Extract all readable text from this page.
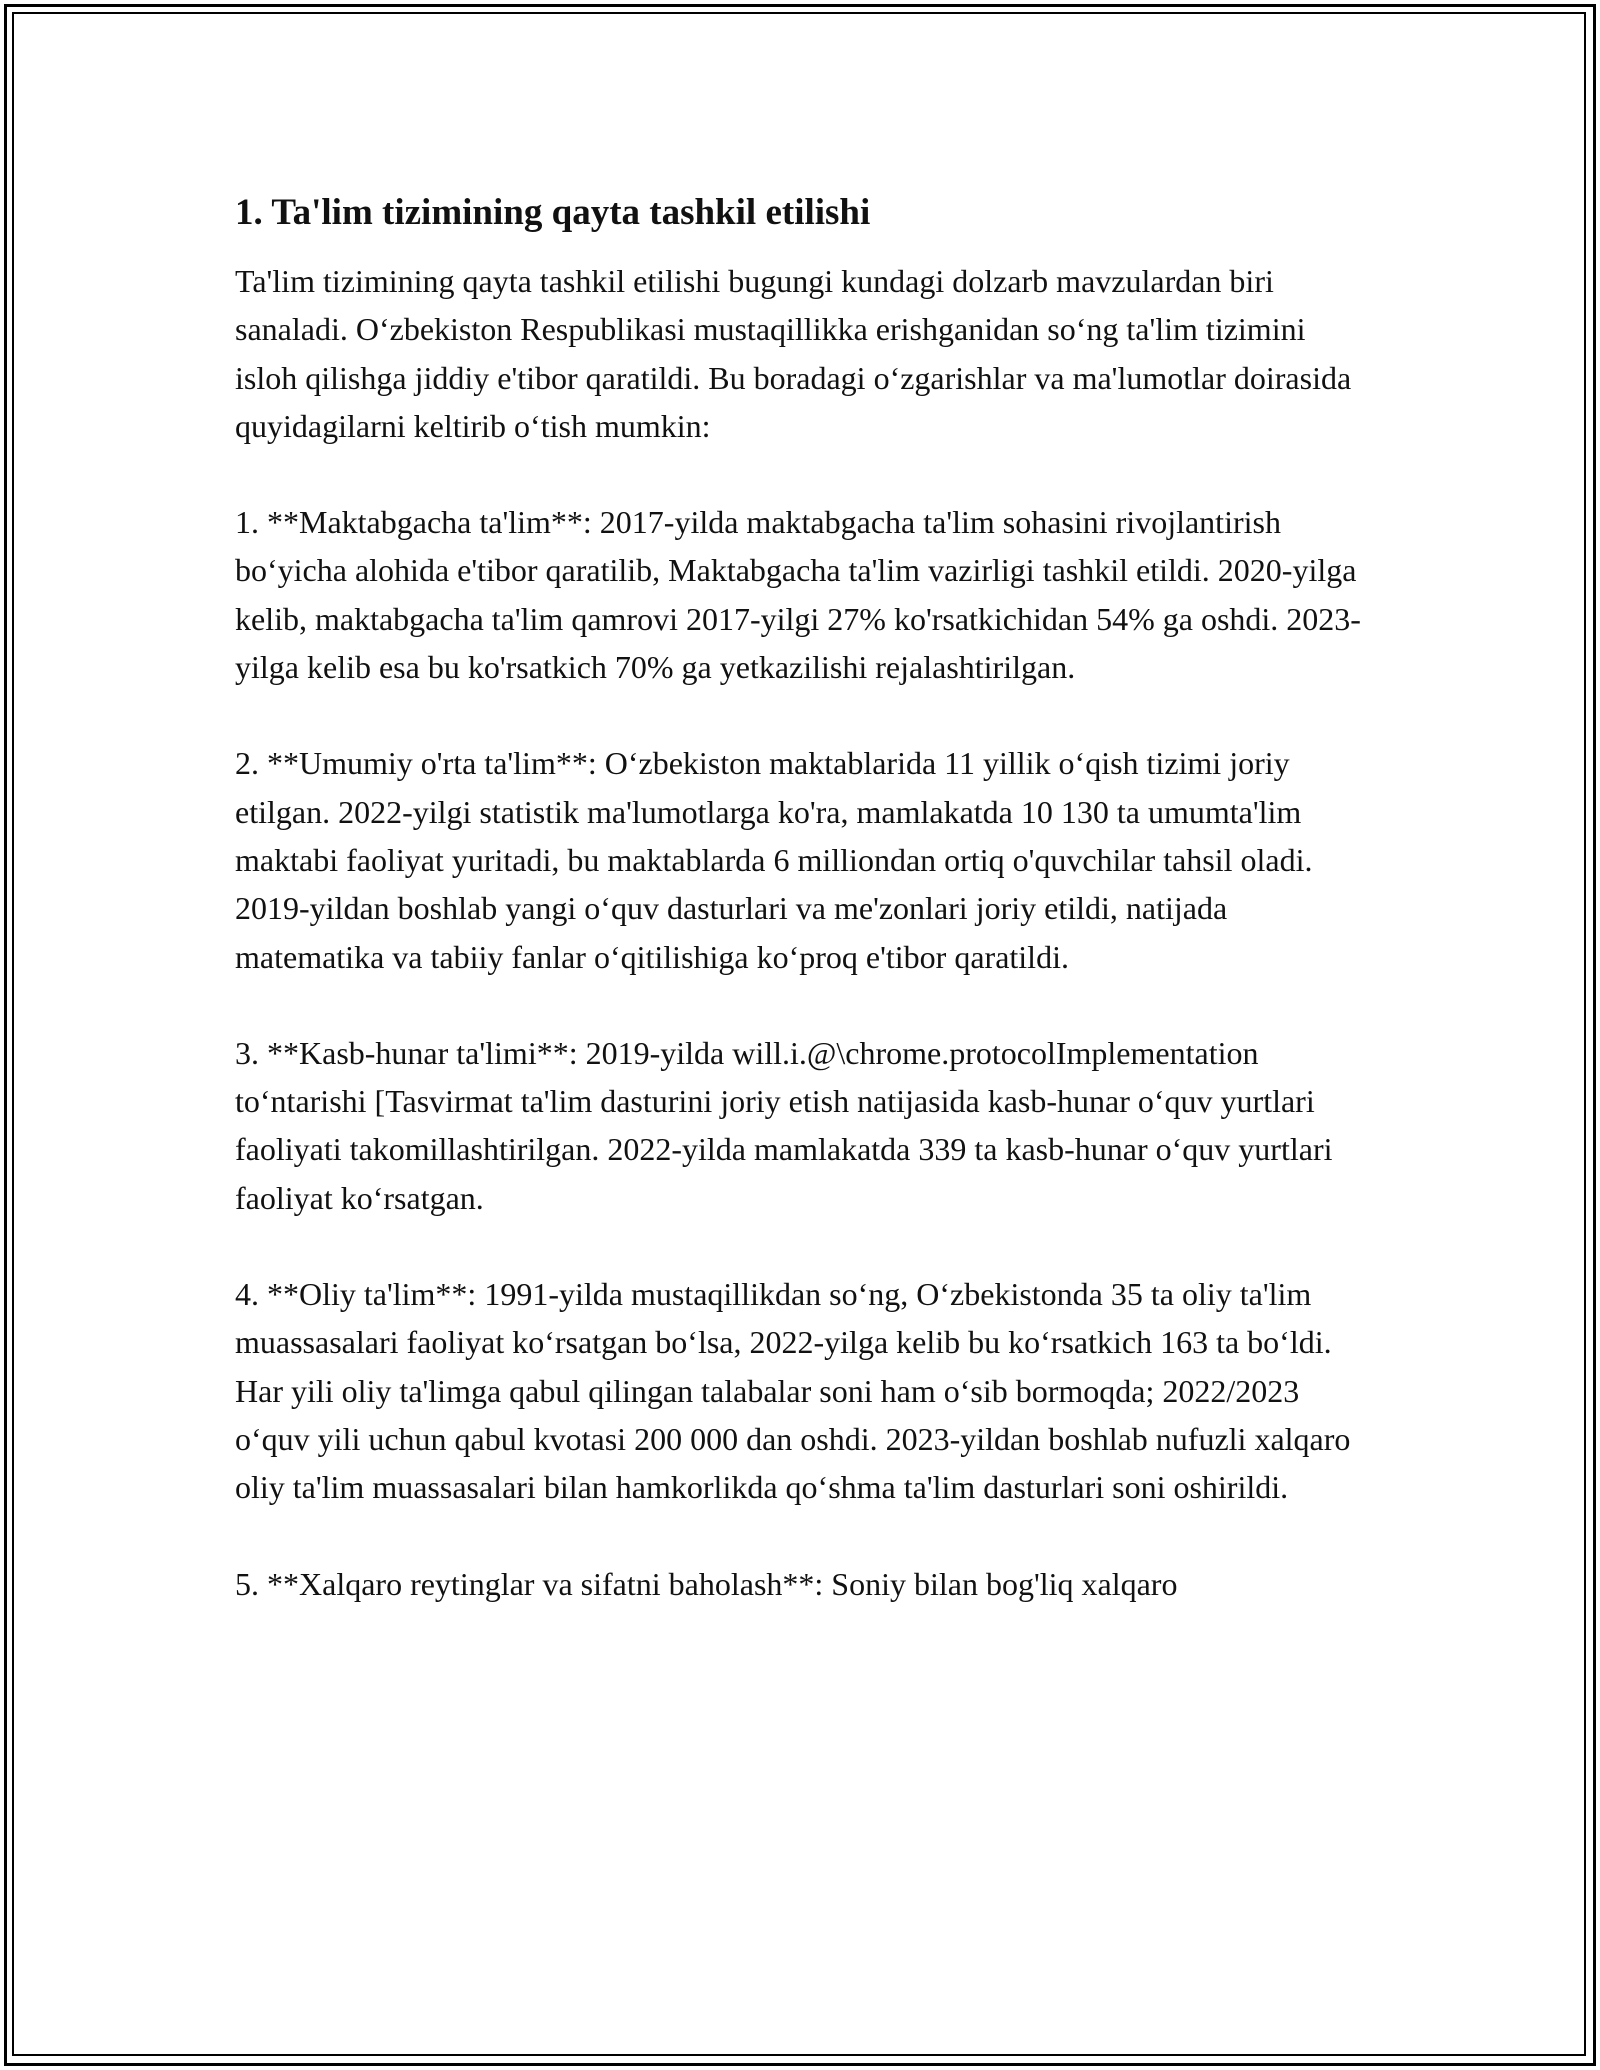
1. Ta'lim tizimining qayta tashkil etilishi

Ta'lim tizimining qayta tashkil etilishi bugungi kundagi dolzarb mavzulardan biri sanaladi. O‘zbekiston Respublikasi mustaqillikka erishganidan so‘ng ta'lim tizimini isloh qilishga jiddiy e'tibor qaratildi. Bu boradagi o‘zgarishlar va ma'lumotlar doirasida quyidagilarni keltirib o‘tish mumkin:

1. **Maktabgacha ta'lim**: 2017-yilda maktabgacha ta'lim sohasini rivojlantirish bo‘yicha alohida e'tibor qaratilib, Maktabgacha ta'lim vazirligi tashkil etildi. 2020-yilga kelib, maktabgacha ta'lim qamrovi 2017-yilgi 27% ko'rsatkichidan 54% ga oshdi. 2023-yilga kelib esa bu ko'rsatkich 70% ga yetkazilishi rejalashtirilgan.

2. **Umumiy o'rta ta'lim**: O‘zbekiston maktablarida 11 yillik o‘qish tizimi joriy etilgan. 2022-yilgi statistik ma'lumotlarga ko'ra, mamlakatda 10 130 ta umumta'lim maktabi faoliyat yuritadi, bu maktablarda 6 milliondan ortiq o'quvchilar tahsil oladi. 2019-yildan boshlab yangi o‘quv dasturlari va me'zonlari joriy etildi, natijada matematika va tabiiy fanlar o‘qitilishiga ko‘proq e'tibor qaratildi.

3. **Kasb-hunar ta'limi**: 2019-yilda will.i.@\chrome.protocolImplementation to‘ntarishi [Tasvirmat ta'lim dasturini joriy etish natijasida kasb-hunar o‘quv yurtlari faoliyati takomillashtirilgan. 2022-yilda mamlakatda 339 ta kasb-hunar o‘quv yurtlari faoliyat ko‘rsatgan.

4. **Oliy ta'lim**: 1991-yilda mustaqillikdan so‘ng, O‘zbekistonda 35 ta oliy ta'lim muassasalari faoliyat ko‘rsatgan bo‘lsa, 2022-yilga kelib bu ko‘rsatkich 163 ta bo‘ldi. Har yili oliy ta'limga qabul qilingan talabalar soni ham o‘sib bormoqda; 2022/2023 o‘quv yili uchun qabul kvotasi 200 000 dan oshdi. 2023-yildan boshlab nufuzli xalqaro oliy ta'lim muassasalari bilan hamkorlikda qo‘shma ta'lim dasturlari soni oshirildi.

5. **Xalqaro reytinglar va sifatni baholash**: Soniy bilan bog'liq xalqaro
